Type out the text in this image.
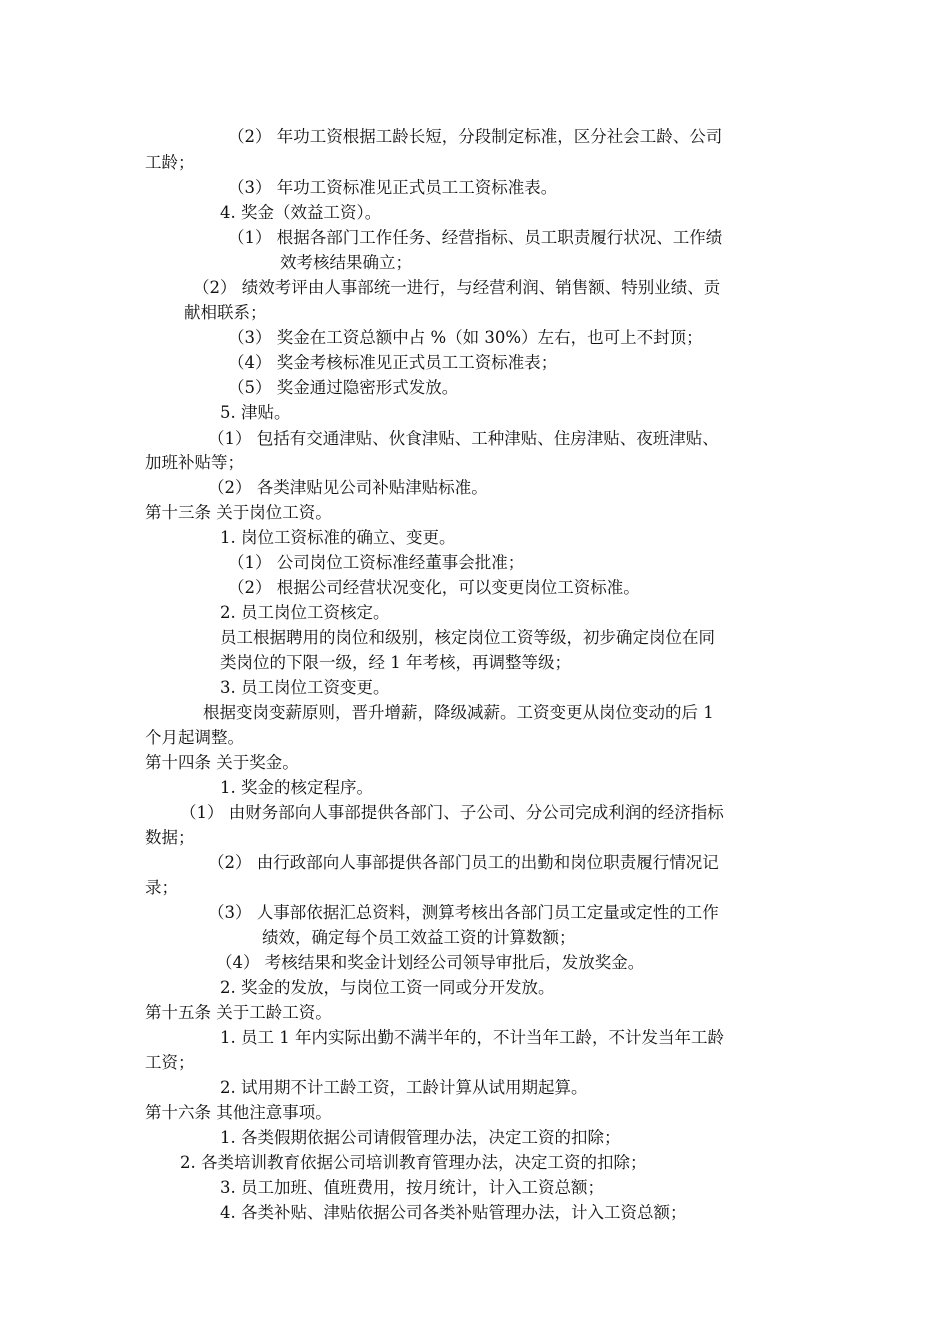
（2） 年功工资根据工龄长短，分段制定标准，区分社会工龄、公司

工龄；

（3） 年功工资标准见正式员工工资标准表。

4. 奖金（效益工资）。

（1） 根据各部门工作任务、经营指标、员工职责履行状况、工作绩

效考核结果确立；

（2） 绩效考评由人事部统一进行，与经营利润、销售额、特别业绩、贡

献相联系；

（3） 奖金在工资总额中占 %（如 30%）左右，也可上不封顶；

（4） 奖金考核标准见正式员工工资标准表；

（5） 奖金通过隐密形式发放。

5. 津贴。

（1） 包括有交通津贴、伙食津贴、工种津贴、住房津贴、夜班津贴、

加班补贴等；

（2） 各类津贴见公司补贴津贴标准。

第十三条 关于岗位工资。

1. 岗位工资标准的确立、变更。

（1） 公司岗位工资标准经董事会批准；

（2） 根据公司经营状况变化，可以变更岗位工资标准。

2. 员工岗位工资核定。

员工根据聘用的岗位和级别，核定岗位工资等级，初步确定岗位在同

类岗位的下限一级，经 1 年考核，再调整等级；

3. 员工岗位工资变更。

根据变岗变薪原则，晋升增薪，降级减薪。工资变更从岗位变动的后 1

个月起调整。

第十四条 关于奖金。

1. 奖金的核定程序。

（1） 由财务部向人事部提供各部门、子公司、分公司完成利润的经济指标

数据；

（2） 由行政部向人事部提供各部门员工的出勤和岗位职责履行情况记

录；

（3） 人事部依据汇总资料，测算考核出各部门员工定量或定性的工作

绩效，确定每个员工效益工资的计算数额；

（4） 考核结果和奖金计划经公司领导审批后，发放奖金。

2. 奖金的发放，与岗位工资一同或分开发放。

第十五条 关于工龄工资。

1. 员工 1 年内实际出勤不满半年的，不计当年工龄，不计发当年工龄

工资；

2. 试用期不计工龄工资，工龄计算从试用期起算。

第十六条 其他注意事项。

1. 各类假期依据公司请假管理办法，决定工资的扣除；

2. 各类培训教育依据公司培训教育管理办法，决定工资的扣除；

3. 员工加班、值班费用，按月统计，计入工资总额；

4. 各类补贴、津贴依据公司各类补贴管理办法，计入工资总额；
